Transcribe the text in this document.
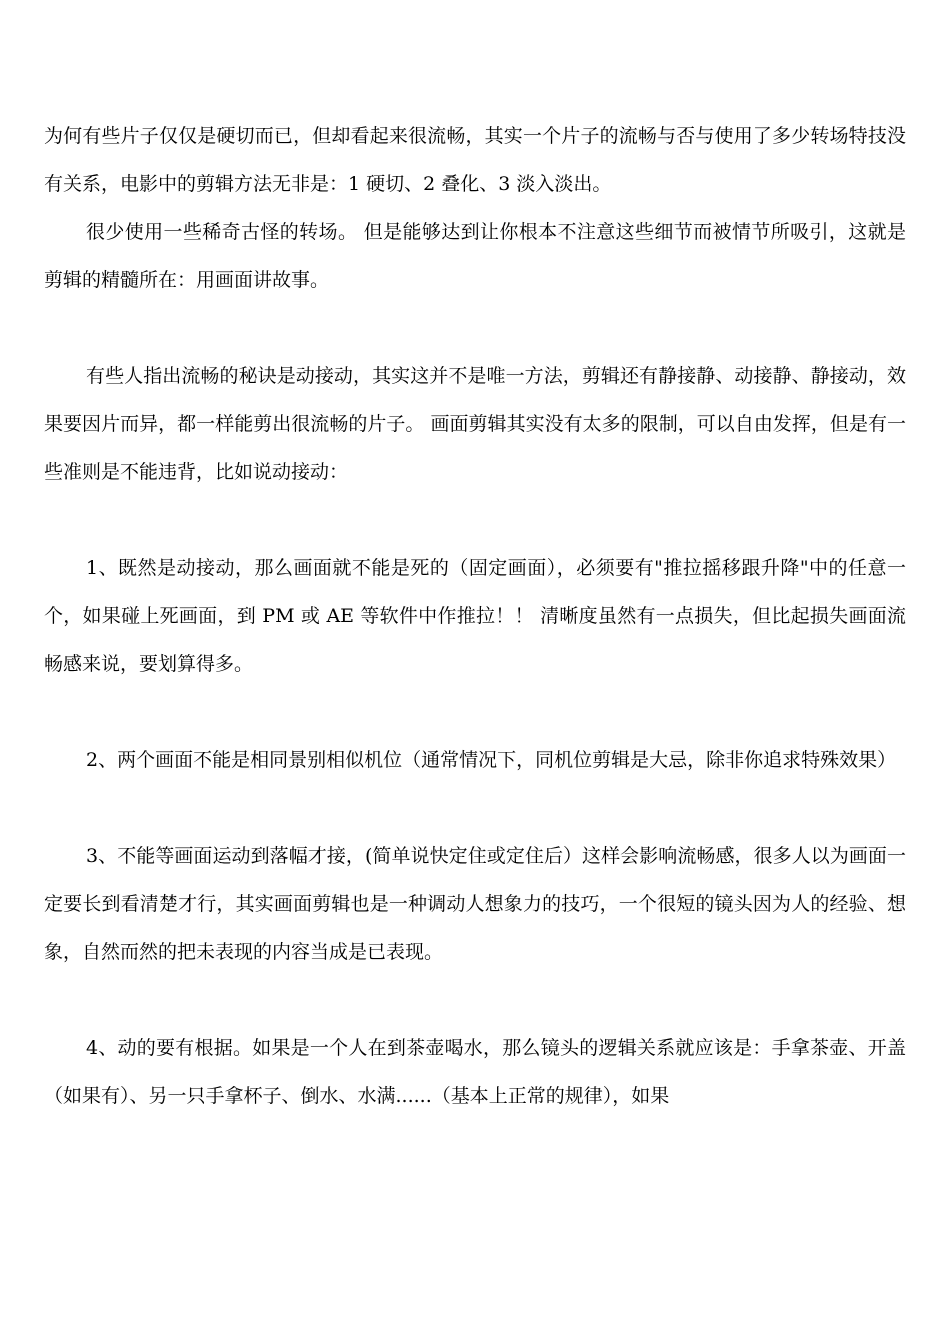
为何有些片子仅仅是硬切而已，但却看起来很流畅，其实一个片子的流畅与否与使用了多少转场特技没有关系，电影中的剪辑方法无非是：1 硬切、2 叠化、3 淡入淡出。

很少使用一些稀奇古怪的转场。 但是能够达到让你根本不注意这些细节而被情节所吸引，这就是剪辑的精髓所在：用画面讲故事。

有些人指出流畅的秘诀是动接动，其实这并不是唯一方法，剪辑还有静接静、动接静、静接动，效果要因片而异，都一样能剪出很流畅的片子。 画面剪辑其实没有太多的限制，可以自由发挥，但是有一些准则是不能违背，比如说动接动：

1、既然是动接动，那么画面就不能是死的（固定画面），必须要有"推拉摇移跟升降"中的任意一个，如果碰上死画面，到 PM 或 AE 等软件中作推拉！！ 清晰度虽然有一点损失，但比起损失画面流畅感来说，要划算得多。

2、两个画面不能是相同景别相似机位（通常情况下，同机位剪辑是大忌，除非你追求特殊效果）

3、不能等画面运动到落幅才接，(简单说快定住或定住后）这样会影响流畅感，很多人以为画面一定要长到看清楚才行，其实画面剪辑也是一种调动人想象力的技巧，一个很短的镜头因为人的经验、想象，自然而然的把未表现的内容当成是已表现。

4、动的要有根据。如果是一个人在到茶壶喝水，那么镜头的逻辑关系就应该是：手拿茶壶、开盖（如果有）、另一只手拿杯子、倒水、水满......（基本上正常的规律），如果
